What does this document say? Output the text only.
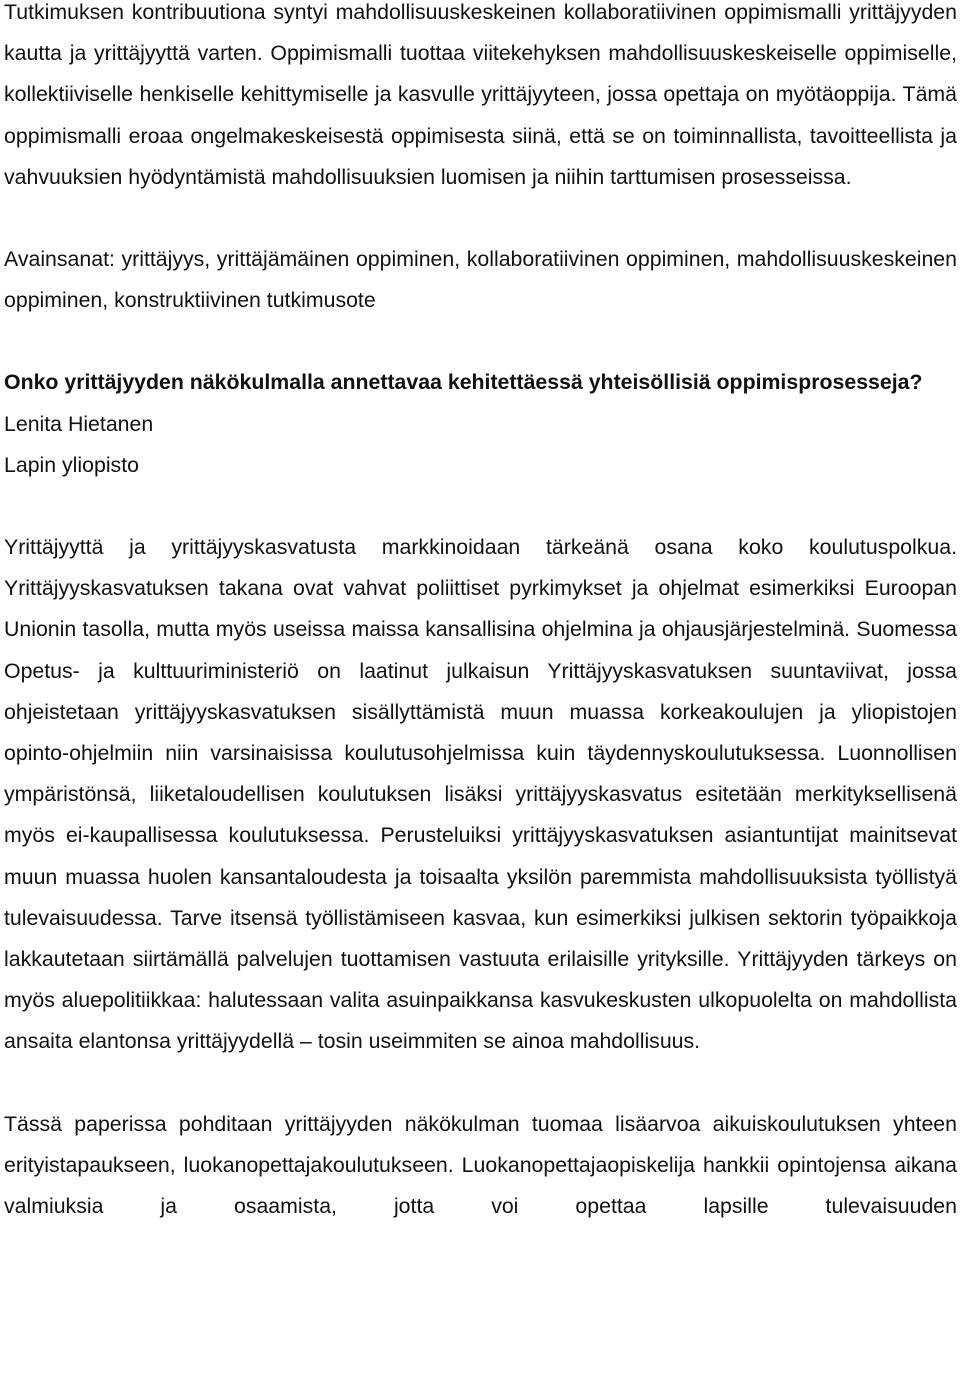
Tutkimuksen kontribuutiona syntyi mahdollisuuskeskeinen kollaboratiivinen oppimismalli yrittäjyyden kautta ja yrittäjyyttä varten. Oppimismalli tuottaa viitekehyksen mahdollisuuskeskeiselle oppimiselle, kollektiiviselle henkiselle kehittymiselle ja kasvulle yrittäjyyteen, jossa opettaja on myötäoppija. Tämä oppimismalli eroaa ongelmakeskeisestä oppimisesta siinä, että se on toiminnallista, tavoitteellista ja vahvuuksien hyödyntämistä mahdollisuuksien luomisen ja niihin tarttumisen prosesseissa.

Avainsanat: yrittäjyys, yrittäjämäinen oppiminen, kollaboratiivinen oppiminen, mahdollisuuskeskeinen oppiminen, konstruktiivinen tutkimusote

Onko yrittäjyyden näkökulmalla annettavaa kehitettäessä yhteisöllisiä oppimisprosesseja?

Lenita Hietanen

Lapin yliopisto

Yrittäjyyttä ja yrittäjyyskasvatusta markkinoidaan tärkeänä osana koko koulutuspolkua. Yrittäjyyskasvatuksen takana ovat vahvat poliittiset pyrkimykset ja ohjelmat esimerkiksi Euroopan Unionin tasolla, mutta myös useissa maissa kansallisina ohjelmina ja ohjausjärjestelminä. Suomessa Opetus- ja kulttuuriministeriö on laatinut julkaisun Yrittäjyyskasvatuksen suuntaviivat, jossa ohjeistetaan yrittäjyyskasvatuksen sisällyttämistä muun muassa korkeakoulujen ja yliopistojen opinto-ohjelmiin niin varsinaisissa koulutusohjelmissa kuin täydennyskoulutuksessa. Luonnollisen ympäristönsä, liiketaloudellisen koulutuksen lisäksi yrittäjyyskasvatus esitetään merkityksellisenä myös ei-kaupallisessa koulutuksessa. Perusteluiksi yrittäjyyskasvatuksen asiantuntijat mainitsevat muun muassa huolen kansantaloudesta ja toisaalta yksilön paremmista mahdollisuuksista työllistyä tulevaisuudessa. Tarve itsensä työllistämiseen kasvaa, kun esimerkiksi julkisen sektorin työpaikkoja lakkautetaan siirtämällä palvelujen tuottamisen vastuuta erilaisille yrityksille. Yrittäjyyden tärkeys on myös aluepolitiikkaa: halutessaan valita asuinpaikkansa kasvukeskusten ulkopuolelta on mahdollista ansaita elantonsa yrittäjyydellä – tosin useimmiten se ainoa mahdollisuus.

Tässä paperissa pohditaan yrittäjyyden näkökulman tuomaa lisäarvoa aikuiskoulutuksen yhteen erityistapaukseen, luokanopettajakoulutukseen. Luokanopettajaopiskelija hankkii opintojensa aikana valmiuksia ja osaamista, jotta voi opettaa lapsille tulevaisuuden
